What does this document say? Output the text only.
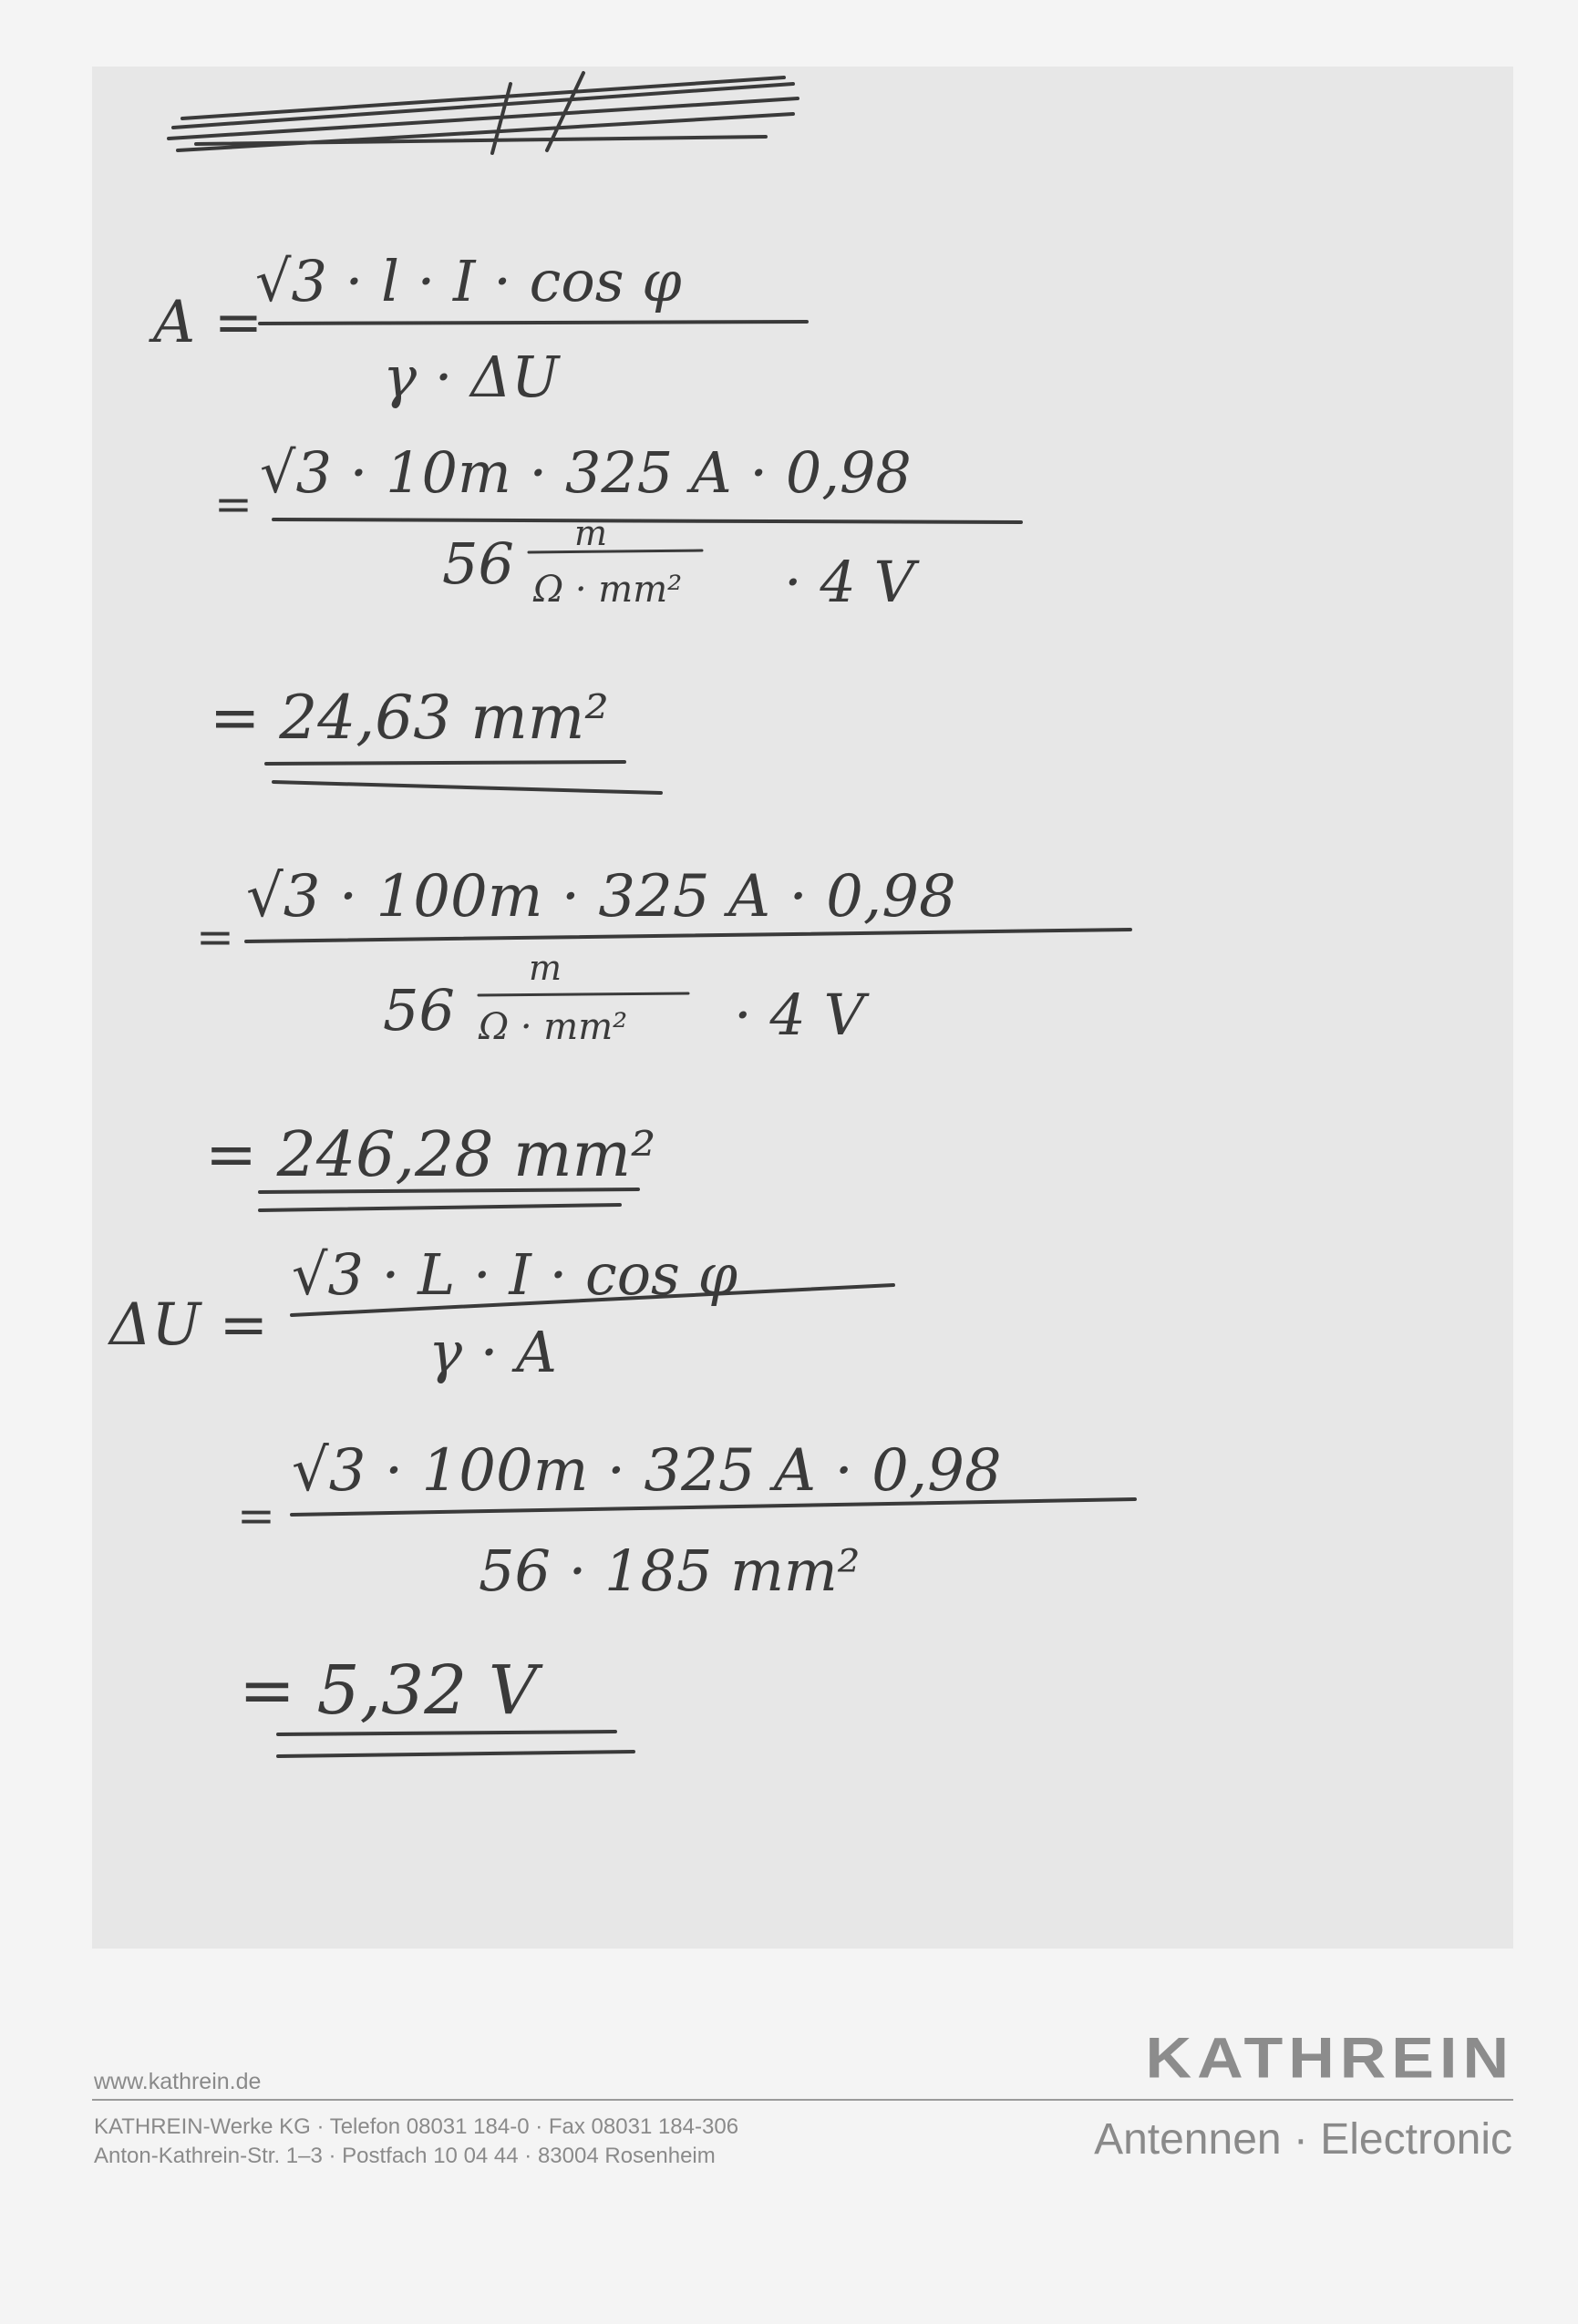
A =
√3 · l · I · cos φ
γ · ΔU
= √3 · 10m · 325 A · 0,98
56 m
Ω · mm² · 4 V
= 24,63 mm²
=
√3 · 100m · 325 A · 0,98
56
m
Ω · mm² · 4 V
= 246,28 mm²
ΔU =
√3 · L · I · cos φ
γ · A
=
√3 · 100m · 325 A · 0,98
56 · 185 mm²
= 5,32 V
www.kathrein.de
KATHREIN-Werke KG · Telefon 08031 184-0 · Fax 08031 184-306
Anton-Kathrein-Str. 1–3 · Postfach 10 04 44 · 83004 Rosenheim
KATHREIN
Antennen · Electronic
